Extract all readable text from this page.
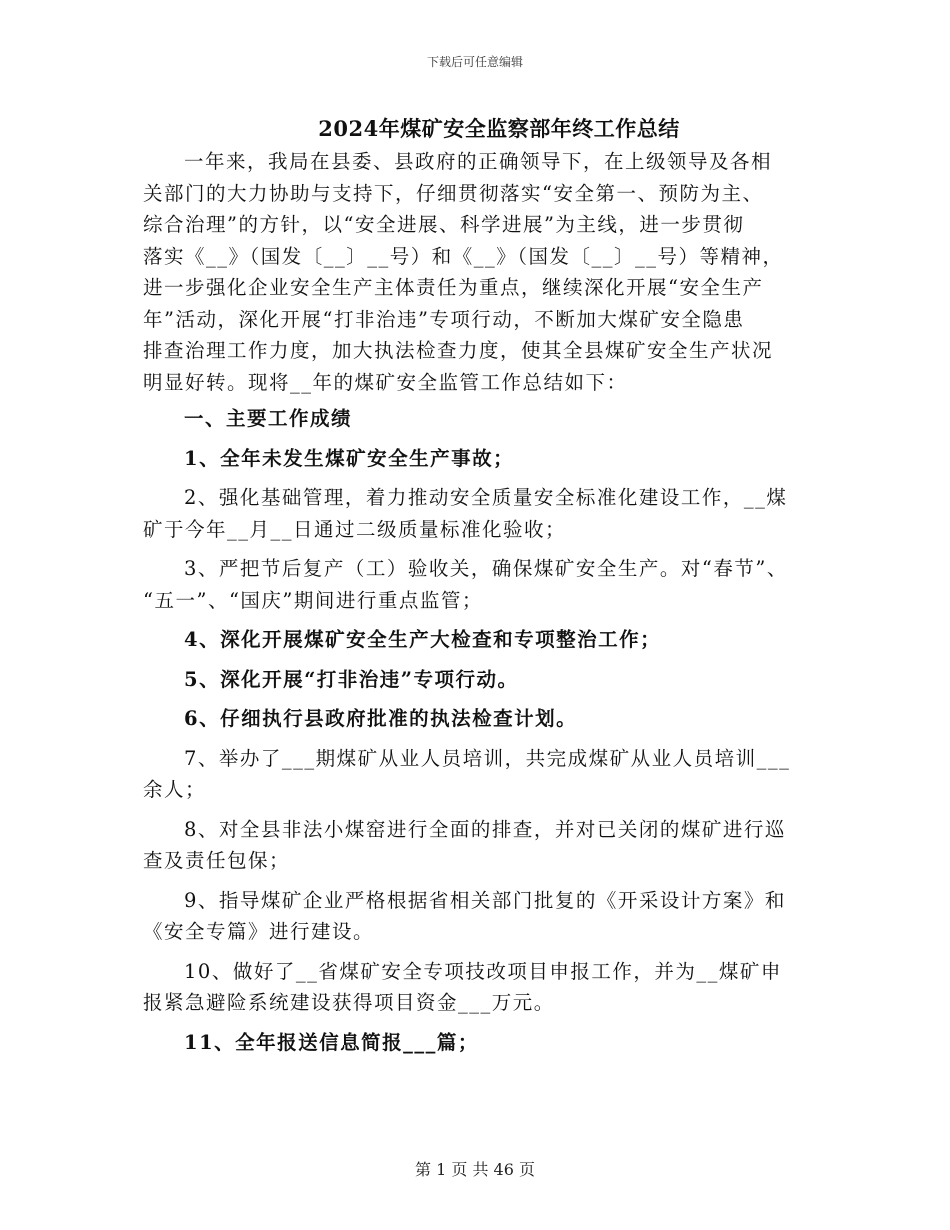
下载后可任意编辑
2024年煤矿安全监察部年终工作总结
一年来，我局在县委、县政府的正确领导下，在上级领导及各相
关部门的大力协助与支持下，仔细贯彻落实“安全第一、预防为主、
综合治理”的方针，以“安全进展、科学进展”为主线，进一步贯彻
落实《__》（国发〔__〕__号）和《__》（国发〔__〕__号）等精神，
进一步强化企业安全生产主体责任为重点，继续深化开展“安全生产
年”活动，深化开展“打非治违”专项行动，不断加大煤矿安全隐患
排查治理工作力度，加大执法检查力度，使其全县煤矿安全生产状况
明显好转。现将__年的煤矿安全监管工作总结如下：
一、主要工作成绩
1、全年未发生煤矿安全生产事故；
2、强化基础管理，着力推动安全质量安全标准化建设工作，__煤
矿于今年__月__日通过二级质量标准化验收；
3、严把节后复产（工）验收关，确保煤矿安全生产。对“春节”、
“五一”、“国庆”期间进行重点监管；
4、深化开展煤矿安全生产大检查和专项整治工作；
5、深化开展“打非治违”专项行动。
6、仔细执行县政府批准的执法检查计划。
7、举办了___期煤矿从业人员培训，共完成煤矿从业人员培训___
余人；
8、对全县非法小煤窑进行全面的排查，并对已关闭的煤矿进行巡
查及责任包保；
9、指导煤矿企业严格根据省相关部门批复的《开采设计方案》和
《安全专篇》进行建设。
10、做好了__省煤矿安全专项技改项目申报工作，并为__煤矿申
报紧急避险系统建设获得项目资金___万元。
11、全年报送信息简报___篇；
第 1 页 共 46 页
